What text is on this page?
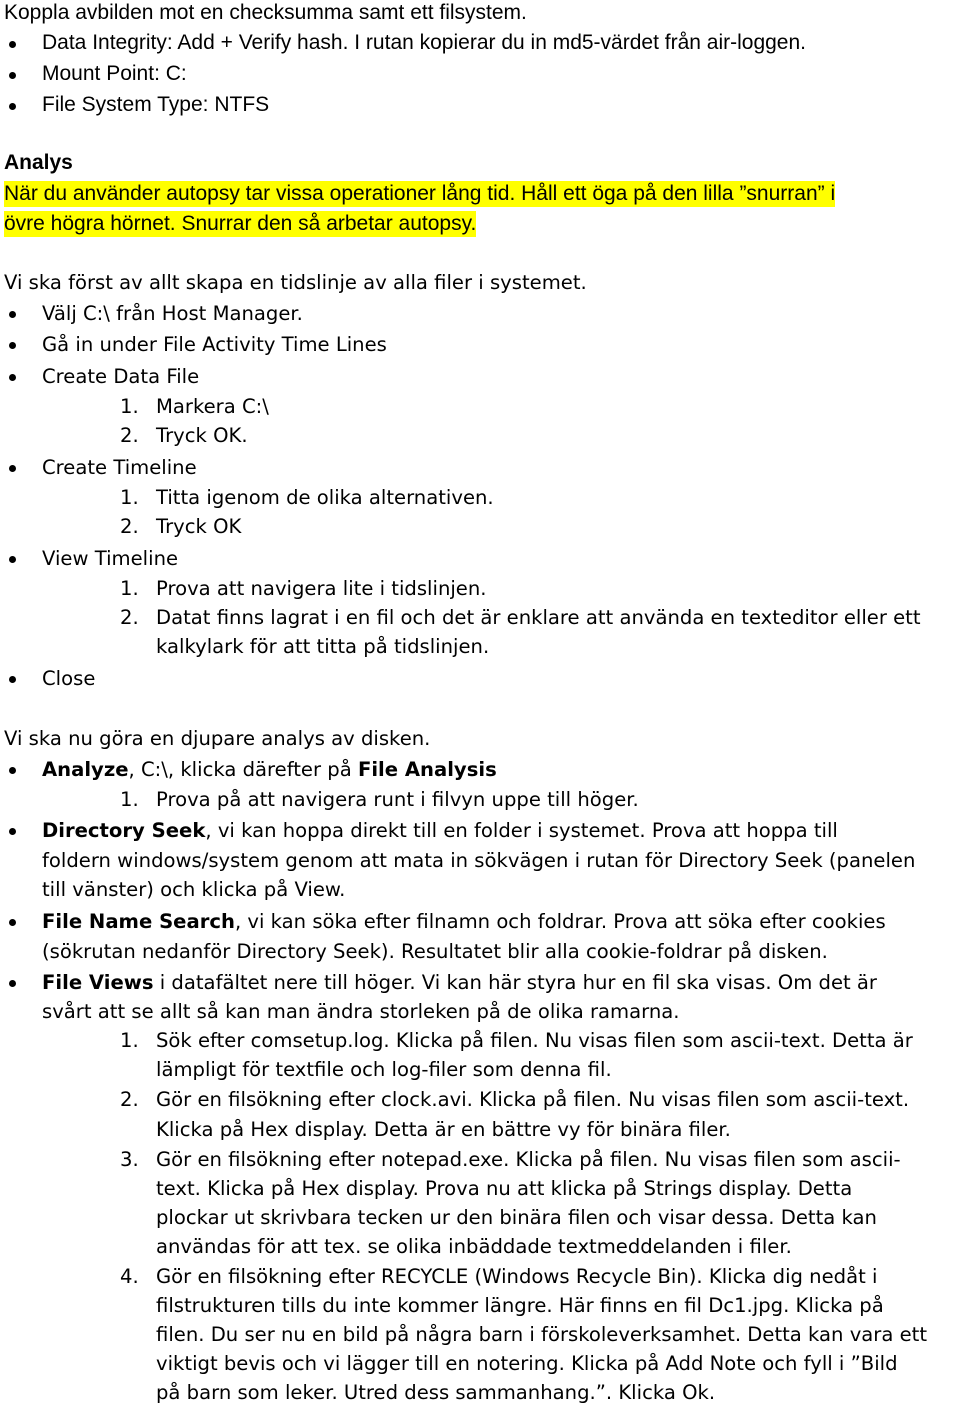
Koppla avbilden mot en checksumma samt ett filsystem.
Data Integrity: Add + Verify hash. I rutan kopierar du in md5-värdet från air-loggen.
Mount Point: C:
File System Type: NTFS
Analys
När du använder autopsy tar vissa operationer lång tid. Håll ett öga på den lilla ”snurran” i
övre högra hörnet. Snurrar den så arbetar autopsy.
Vi ska först av allt skapa en tidslinje av alla filer i systemet.
Välj C:\ från Host Manager.
Gå in under File Activity Time Lines
Create Data File
1. Markera C:\
2. Tryck OK.
Create Timeline
1. Titta igenom de olika alternativen.
2. Tryck OK
View Timeline
1. Prova att navigera lite i tidslinjen.
2. Datat finns lagrat i en fil och det är enklare att använda en texteditor eller ett
kalkylark för att titta på tidslinjen.
Close
Vi ska nu göra en djupare analys av disken.
Analyze, C:\, klicka därefter på File Analysis
1. Prova på att navigera runt i filvyn uppe till höger.
Directory Seek, vi kan hoppa direkt till en folder i systemet. Prova att hoppa till
foldern windows/system genom att mata in sökvägen i rutan för Directory Seek (panelen
till vänster) och klicka på View.
File Name Search, vi kan söka efter filnamn och foldrar. Prova att söka efter cookies
(sökrutan nedanför Directory Seek). Resultatet blir alla cookie-foldrar på disken.
File Views i datafältet nere till höger. Vi kan här styra hur en fil ska visas. Om det är
svårt att se allt så kan man ändra storleken på de olika ramarna.
1. Sök efter comsetup.log. Klicka på filen. Nu visas filen som ascii-text. Detta är
lämpligt för textfile och log-filer som denna fil.
2. Gör en filsökning efter clock.avi. Klicka på filen. Nu visas filen som ascii-text.
Klicka på Hex display. Detta är en bättre vy för binära filer.
3. Gör en filsökning efter notepad.exe. Klicka på filen. Nu visas filen som ascii-
text. Klicka på Hex display. Prova nu att klicka på Strings display. Detta
plockar ut skrivbara tecken ur den binära filen och visar dessa. Detta kan
användas för att tex. se olika inbäddade textmeddelanden i filer.
4. Gör en filsökning efter RECYCLE (Windows Recycle Bin). Klicka dig nedåt i
filstrukturen tills du inte kommer längre. Här finns en fil Dc1.jpg. Klicka på
filen. Du ser nu en bild på några barn i förskoleverksamhet. Detta kan vara ett
viktigt bevis och vi lägger till en notering. Klicka på Add Note och fyll i ”Bild
på barn som leker. Utred dess sammanhang.”. Klicka Ok.
